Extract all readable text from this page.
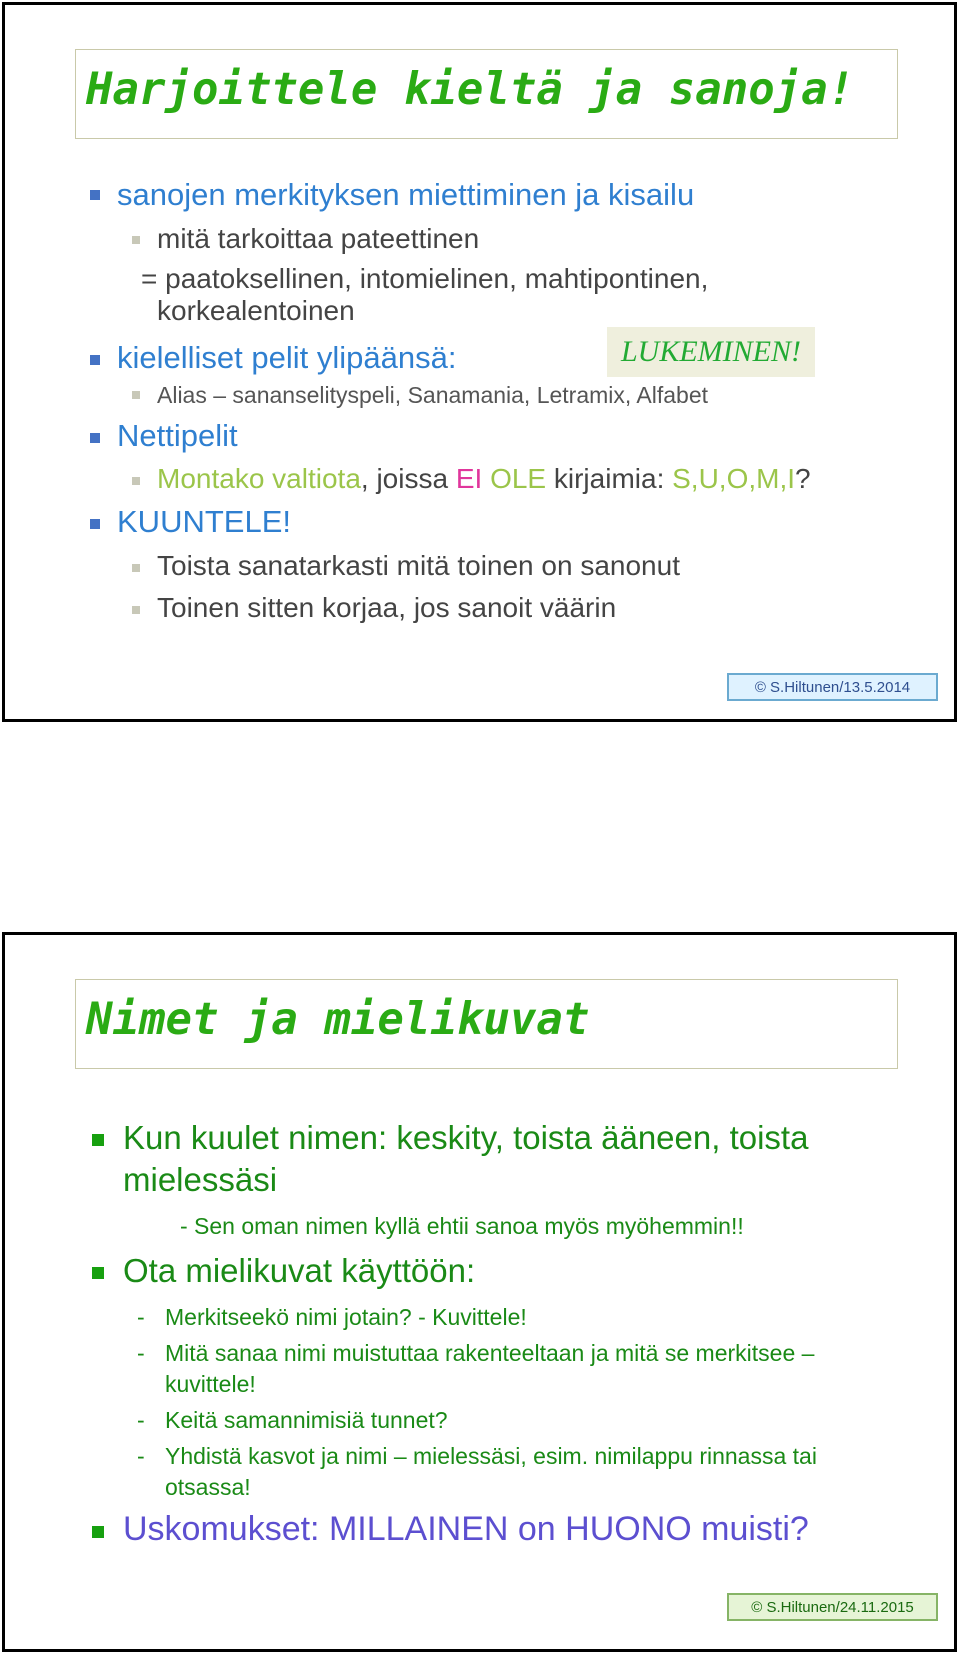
Harjoittele kieltä ja sanoja!
sanojen merkityksen miettiminen ja kisailu
mitä tarkoittaa pateettinen
= paatoksellinen, intomielinen, mahtipontinen,
korkealentoinen
LUKEMINEN!
kielelliset pelit ylipäänsä:
Alias – sananselityspeli, Sanamania, Letramix, Alfabet
Nettipelit
Montako valtiota, joissa EI OLE kirjaimia: S,U,O,M,I?
KUUNTELE!
Toista sanatarkasti mitä toinen on sanonut
Toinen sitten korjaa, jos sanoit väärin
© S.Hiltunen/13.5.2014
Nimet ja mielikuvat
Kun kuulet nimen: keskity, toista ääneen, toista
mielessäsi
- Sen oman nimen kyllä ehtii sanoa myös myöhemmin!!
Ota mielikuvat käyttöön:
- Merkitseekö nimi jotain? - Kuvittele!
- Mitä sanaa nimi muistuttaa rakenteeltaan ja mitä se merkitsee –
kuvittele!
- Keitä samannimisiä tunnet?
- Yhdistä kasvot ja nimi – mielessäsi, esim. nimilappu rinnassa tai
otsassa!
Uskomukset: MILLAINEN on HUONO muisti?
© S.Hiltunen/24.11.2015
